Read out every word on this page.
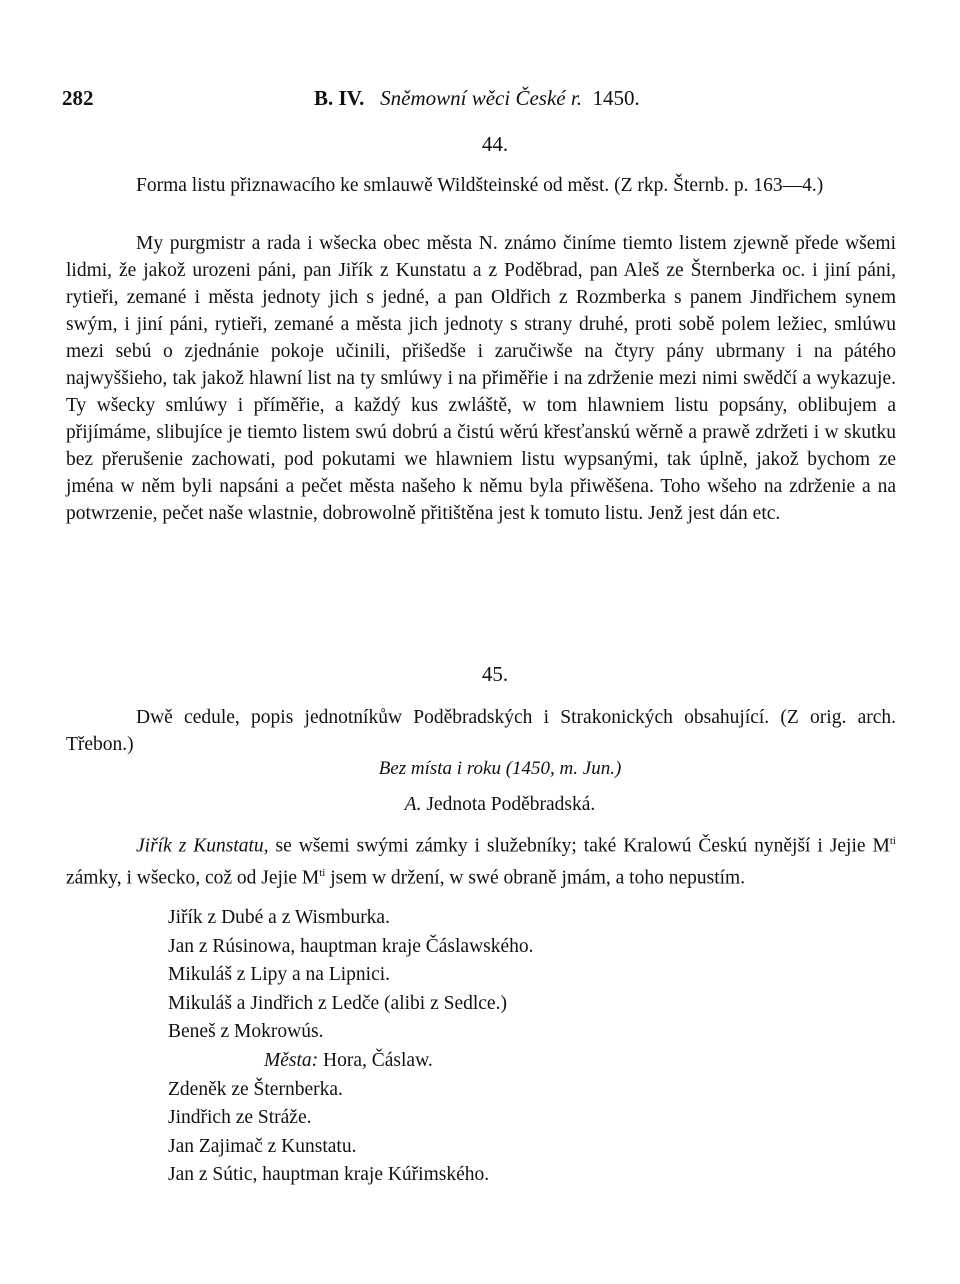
282	B. IV. Sněmowní wěci České r. 1450.
44.
Forma listu přiznawacího ke smlauwě Wildšteinské od měst. (Z rkp. Šternb. p. 163—4.)
My purgmistr a rada i wšecka obec města N. známo činíme tiemto listem zjewně přede wšemi lidmi, že jakož urozeni páni, pan Jiřík z Kunstatu a z Poděbrad, pan Aleš ze Šternberka oc. i jiní páni, rytieři, zemané i města jednoty jich s jedné, a pan Oldřich z Rozmberka s panem Jindřichem synem swým, i jiní páni, rytieři, zemané a města jich jednoty s strany druhé, proti sobě polem ležiec, smlúwu mezi sebú o zjednánie pokoje učinili, přišedše i zaručiwše na čtyry pány ubrmany i na pátého najwyššieho, tak jakož hlawní list na ty smlúwy i na přiměřie i na zdrženie mezi nimi swědčí a wykazuje. Ty wšecky smlúwy i příměřie, a každý kus zwláště, w tom hlawniem listu popsány, oblibujem a přijímáme, slibujíce je tiemto listem swú dobrú a čistú wěrú křesťanskú wěrně a prawě zdržeti i w skutku bez přerušenie zachowati, pod pokutami we hlawniem listu wypsanými, tak úplně, jakož bychom ze jména w něm byli napsáni a pečet města našeho k němu byla přiwěšena. Toho wšeho na zdrženie a na potwrzenie, pečet naše wlastnie, dobrowolně přitištěna jest k tomuto listu. Jenž jest dán etc.
45.
Dwě cedule, popis jednotníkůw Poděbradských i Strakonických obsahující. (Z orig. arch. Třebon.)
Bez místa i roku (1450, m. Jun.)
A. Jednota Poděbradská.
Jiřík z Kunstatu, se wšemi swými zámky i služebníky; také Kralowú Českú nynější i Jejie $M^{ti}$ zámky, i wšecko, což od Jejie $M^{ti}$ jsem w držení, w swé obraně jmám, a toho nepustím.
Jiřík z Dubé a z Wismburka.
Jan z Rúsinowa, hauptman kraje Čáslawského.
Mikuláš z Lipy a na Lipnici.
Mikuláš a Jindřich z Ledče (alibi z Sedlce.)
Beneš z Mokrowús.
Města: Hora, Čáslaw.
Zdeněk ze Šternberka.
Jindřich ze Stráže.
Jan Zajimač z Kunstatu.
Jan z Sútic, hauptman kraje Kúřimského.
